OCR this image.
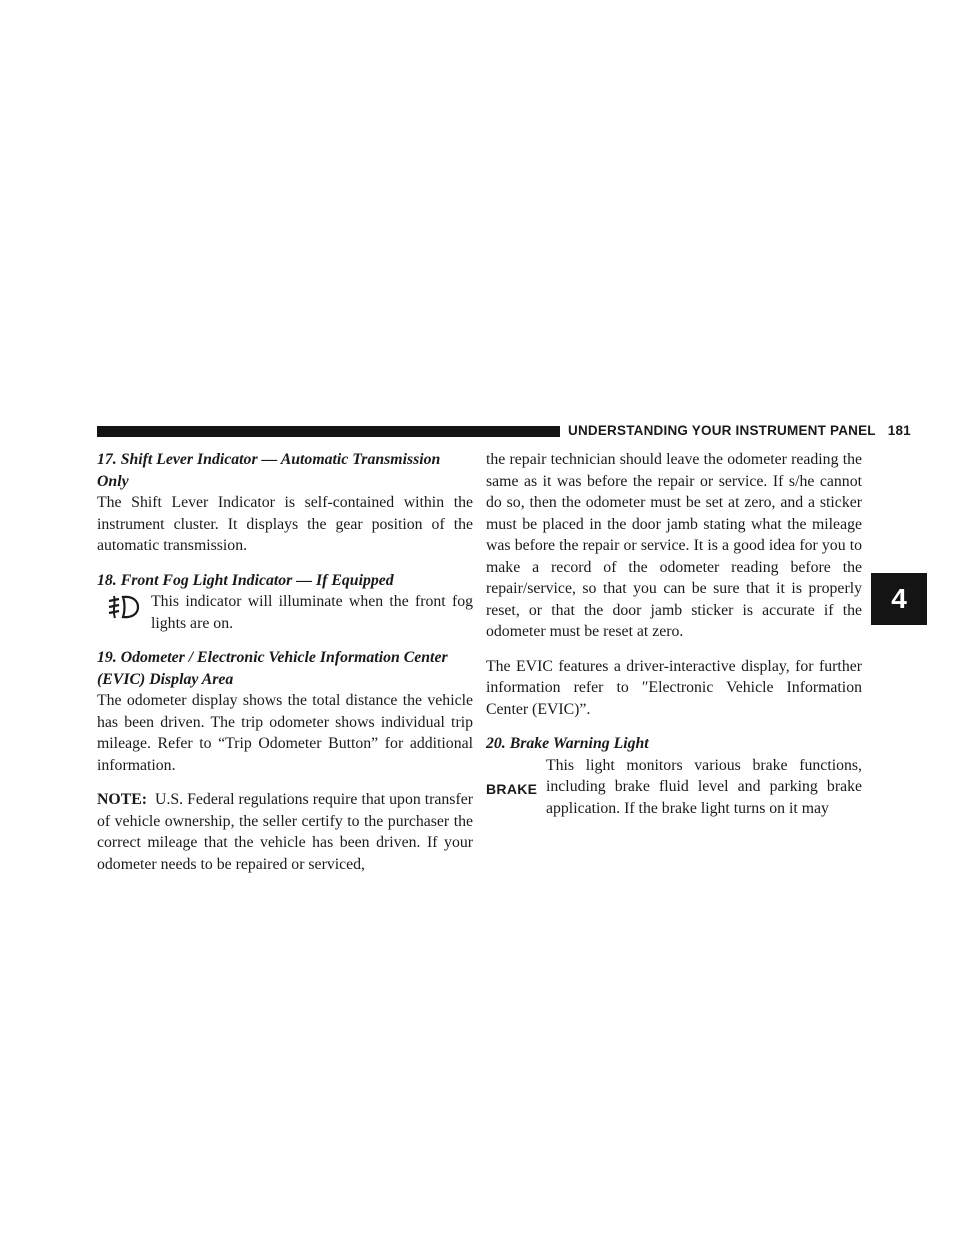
UNDERSTANDING YOUR INSTRUMENT PANEL 181
4

17. Shift Lever Indicator — Automatic Transmission Only

The Shift Lever Indicator is self-contained within the instrument cluster. It displays the gear position of the automatic transmission.

18. Front Fog Light Indicator — If Equipped

This indicator will illuminate when the front fog lights are on.

19. Odometer / Electronic Vehicle Information Center (EVIC) Display Area

The odometer display shows the total distance the vehicle has been driven. The trip odometer shows individual trip mileage. Refer to “Trip Odometer Button” for additional information.

NOTE: U.S. Federal regulations require that upon transfer of vehicle ownership, the seller certify to the purchaser the correct mileage that the vehicle has been driven. If your odometer needs to be repaired or serviced,

the repair technician should leave the odometer reading the same as it was before the repair or service. If s/he cannot do so, then the odometer must be set at zero, and a sticker must be placed in the door jamb stating what the mileage was before the repair or service. It is a good idea for you to make a record of the odometer reading before the repair/service, so that you can be sure that it is properly reset, or that the door jamb sticker is accurate if the odometer must be reset at zero.

The EVIC features a driver-interactive display, for further information refer to ″Electronic Vehicle Information Center (EVIC)”.

20. Brake Warning Light

BRAKE

This light monitors various brake functions, including brake fluid level and parking brake application. If the brake light turns on it may
